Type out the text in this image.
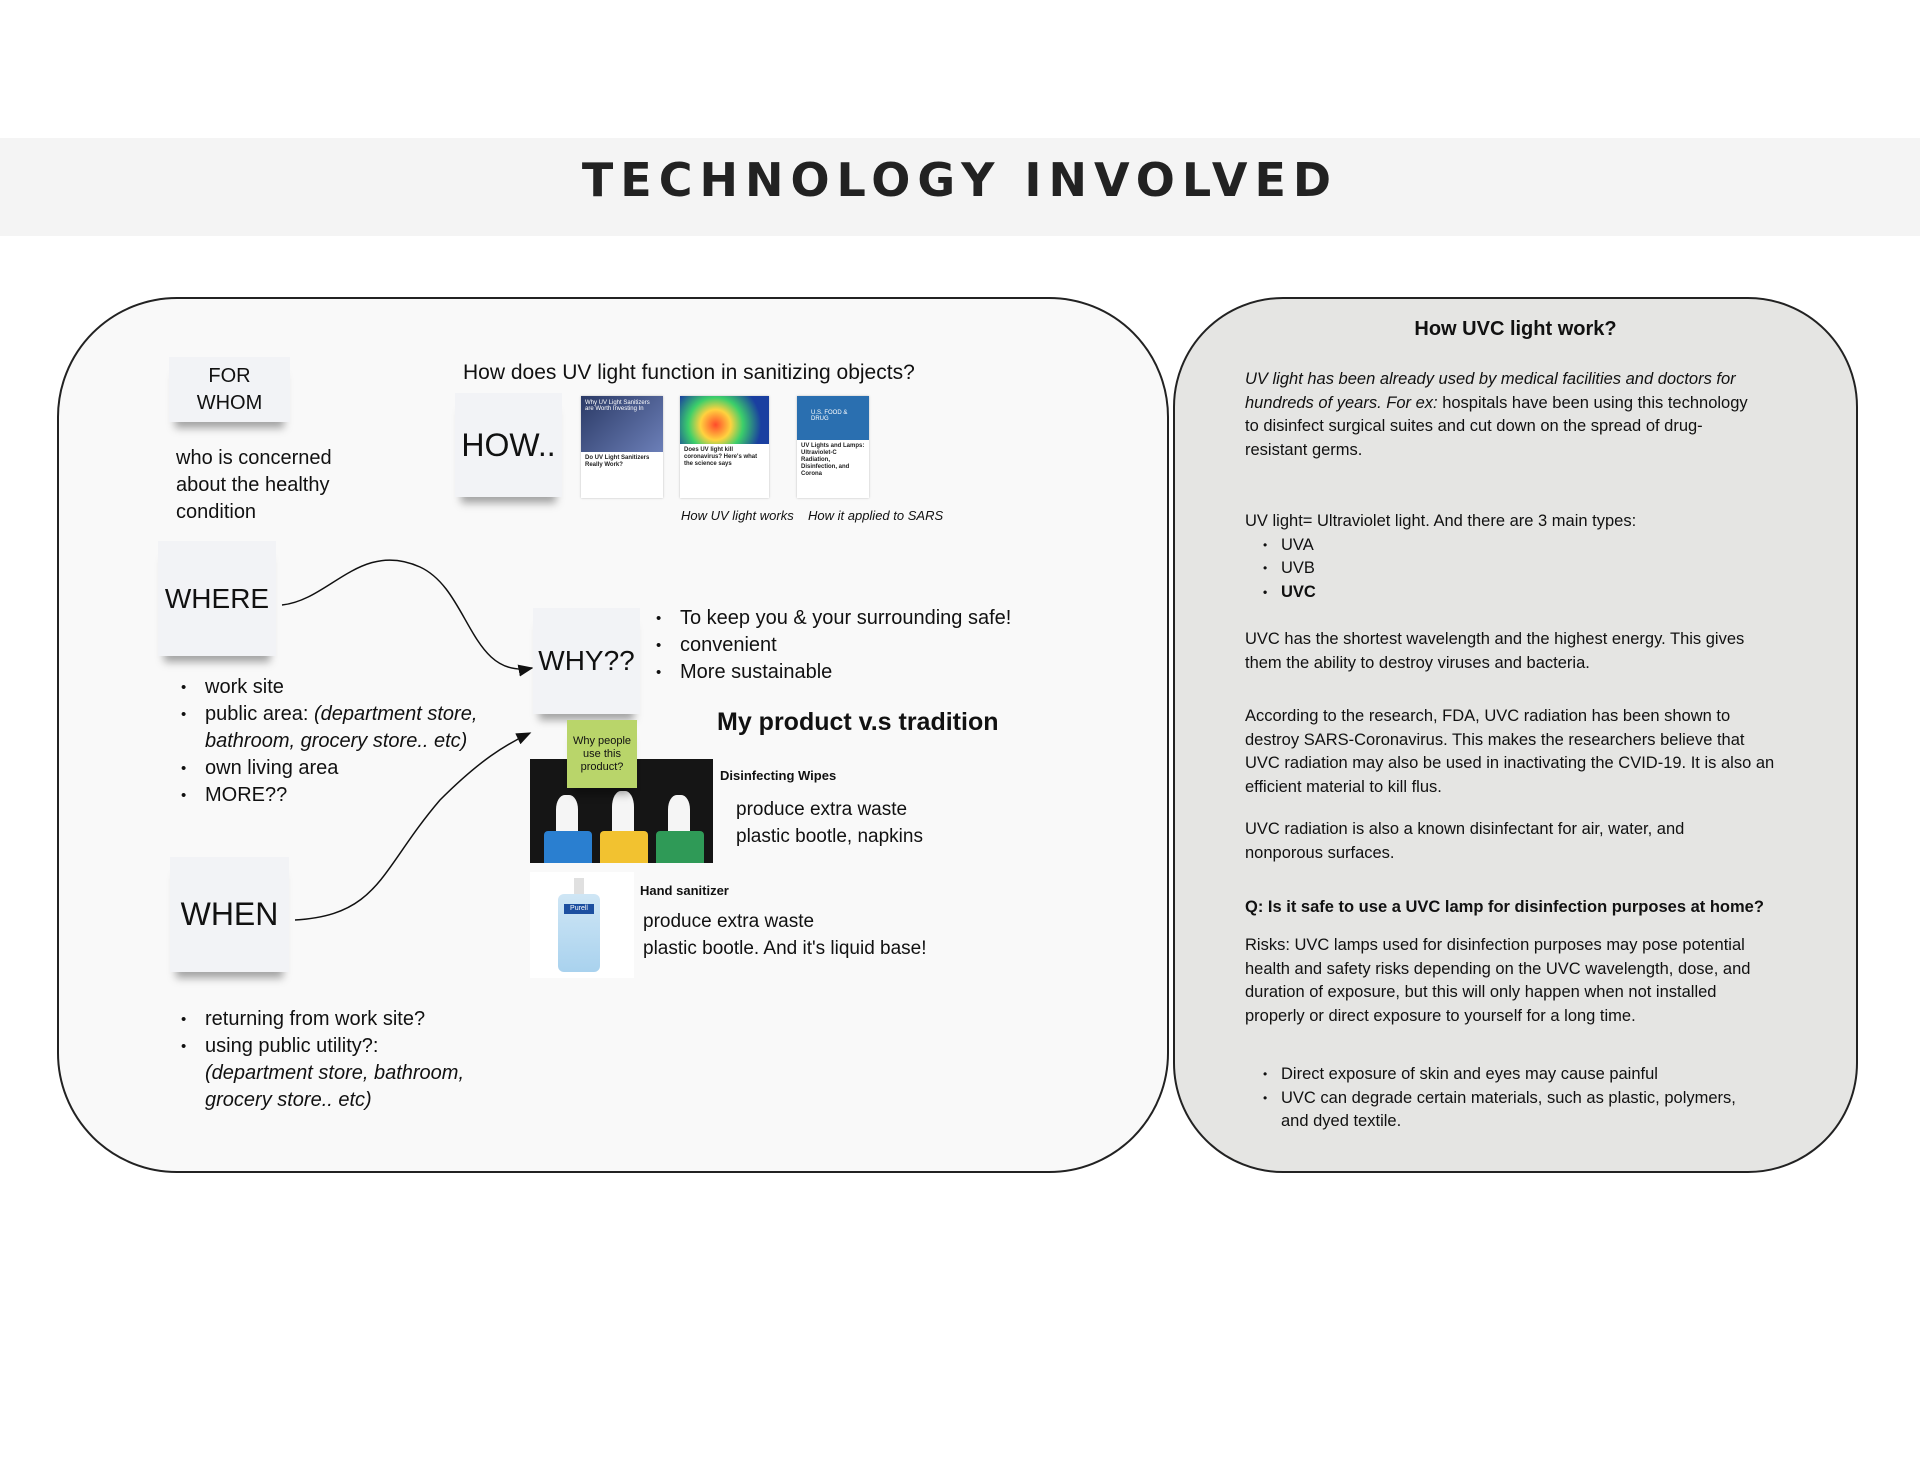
TECHNOLOGY INVOLVED
FOR WHOM
who is concerned about the healthy condition
How does UV light function in sanitizing objects?
HOW..
Why UV Light Sanitizers are Worth Investing In
Do UV Light Sanitizers Really Work?
Does UV light kill coronavirus? Here's what the science says
U.S. FOOD & DRUG
UV Lights and Lamps: Ultraviolet-C Radiation, Disinfection, and Corona
How UV light works How it applied to SARS
WHERE
• work site
• public area: (department store, bathroom, grocery store.. etc)
• own living area
• MORE??
WHEN
• returning from work site?
• using public utility?:
(department store, bathroom, grocery store.. etc)
WHY??
• To keep you & your surrounding safe!
• convenient
• More sustainable
My product v.s tradition
Why people use this product?
Disinfecting Wipes
produce extra waste
plastic bootle, napkins
Purell
Hand sanitizer
produce extra waste
plastic bootle. And it's liquid base!
How UVC light work?
UV light has been already used by medical facilities and doctors for hundreds of years. For ex: hospitals have been using this technology to disinfect surgical suites and cut down on the spread of drug-resistant germs.
UV light= Ultraviolet light. And there are 3 main types:
• UVA
• UVB
• UVC
UVC has the shortest wavelength and the highest energy. This gives them the ability to destroy viruses and bacteria.
According to the research, FDA, UVC radiation has been shown to destroy SARS-Coronavirus. This makes the researchers believe that UVC radiation may also be used in inactivating the CVID-19. It is also an efficient material to kill flus.
UVC radiation is also a known disinfectant for air, water, and nonporous surfaces.
Q: Is it safe to use a UVC lamp for disinfection purposes at home?
Risks: UVC lamps used for disinfection purposes may pose potential health and safety risks depending on the UVC wavelength, dose, and duration of exposure, but this will only happen when not installed properly or direct exposure to yourself for a long time.
• Direct exposure of skin and eyes may cause painful
• UVC can degrade certain materials, such as plastic, polymers, and dyed textile.
